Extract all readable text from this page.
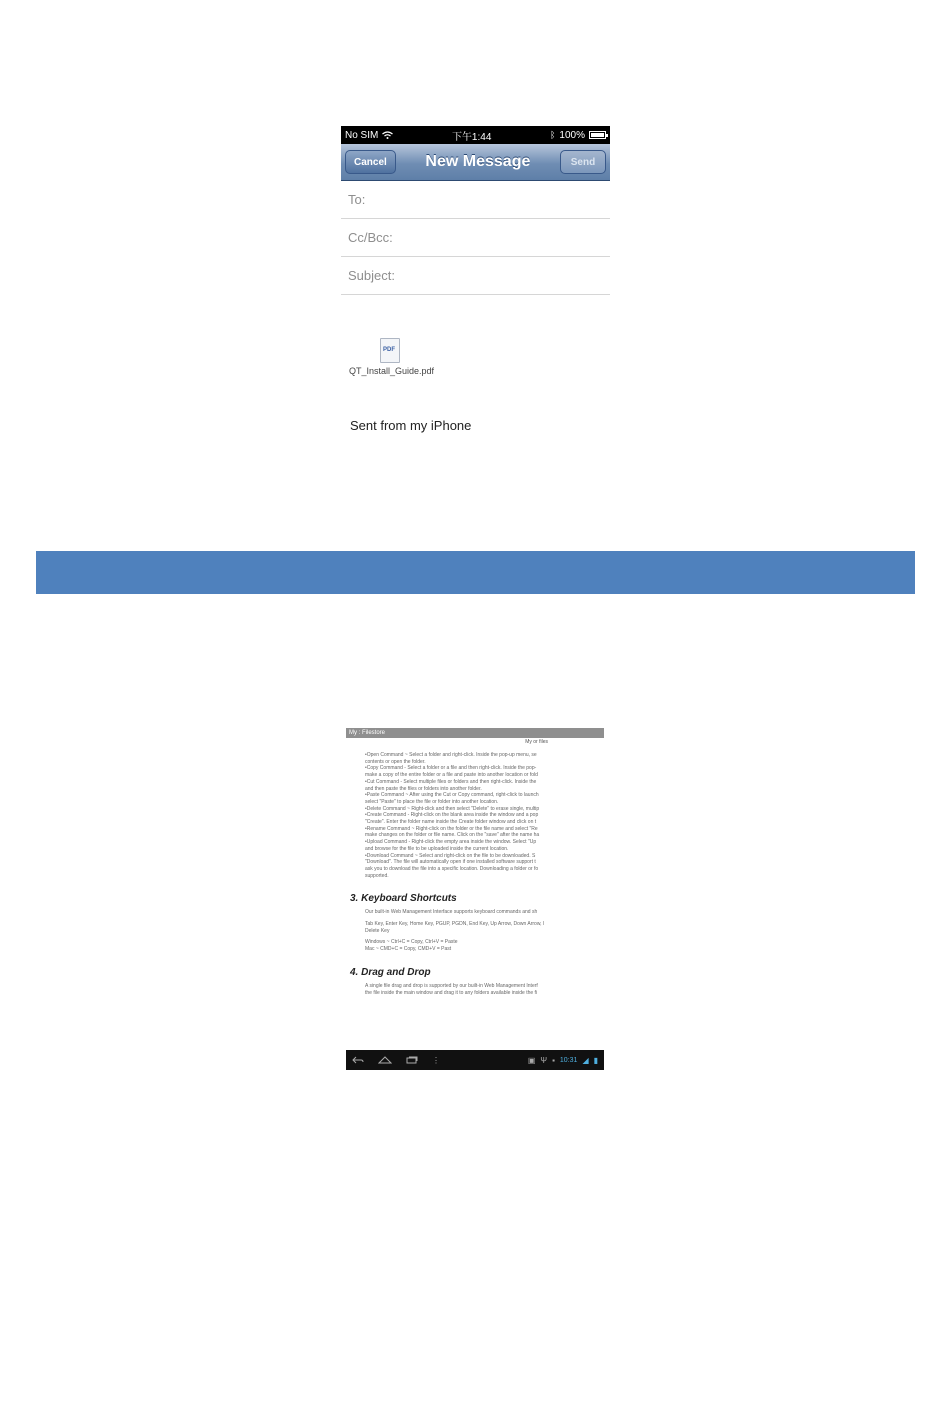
No SIM	下午1:44	ᛒ 100%
Cancel	New Message	Send
To:
Cc/Bcc:
Subject:
PDF
QT_Install_Guide.pdf
Sent from my iPhone
My : Filestore
My or files
•Open Command ~ Select a folder and right-click. Inside the pop-up menu, se
contents or open the folder.
•Copy Command - Select a folder or a file and then right-click. Inside the pop-
make a copy of the entire folder or a file and paste into another location or fold
•Cut Command - Select multiple files or folders and then right-click. Inside the
and then paste the files or folders into another folder.
•Paste Command ~ After using the Cut or Copy command, right-click to launch
select "Paste" to place the file or folder into another location.
•Delete Command ~ Right-click and then select "Delete" to erase single, multip
•Create Command - Right-click on the blank area inside the window and a pop
"Create". Enter the folder name inside the Create folder window and click on t
•Rename Command ~ Right-click on the folder or the file name and select "Re
make changes on the folder or file name. Click on the "save" after the name ha
•Upload Command - Right-click the empty area inside the window. Select "Up
and browse for the file to be uploaded inside the current location.
•Download Command ~ Select and right-click on the file to be downloaded. S
"Download". The file will automatically open if one installed software support t
ask you to download the file into a specific location. Downloading a folder or fo
supported.
3. Keyboard Shortcuts
Our built-in Web Management Interface supports keyboard commands and sh
Tab Key, Enter Key, Home Key, PGUP, PGDN, End Key, Up Arrow, Down Arrow, l
Delete Key
Windows ~ Ctrl+C = Copy, Ctrl+V = Paste
Mac ~ CMD+C = Copy, CMD+V = Past
4. Drag and Drop
A single file drag and drop is supported by our built-in Web Management Interf
the file inside the main window and drag it to any folders available inside the fi
⋮	▣ Ψ ▪ 10:31 ◢ ▮
